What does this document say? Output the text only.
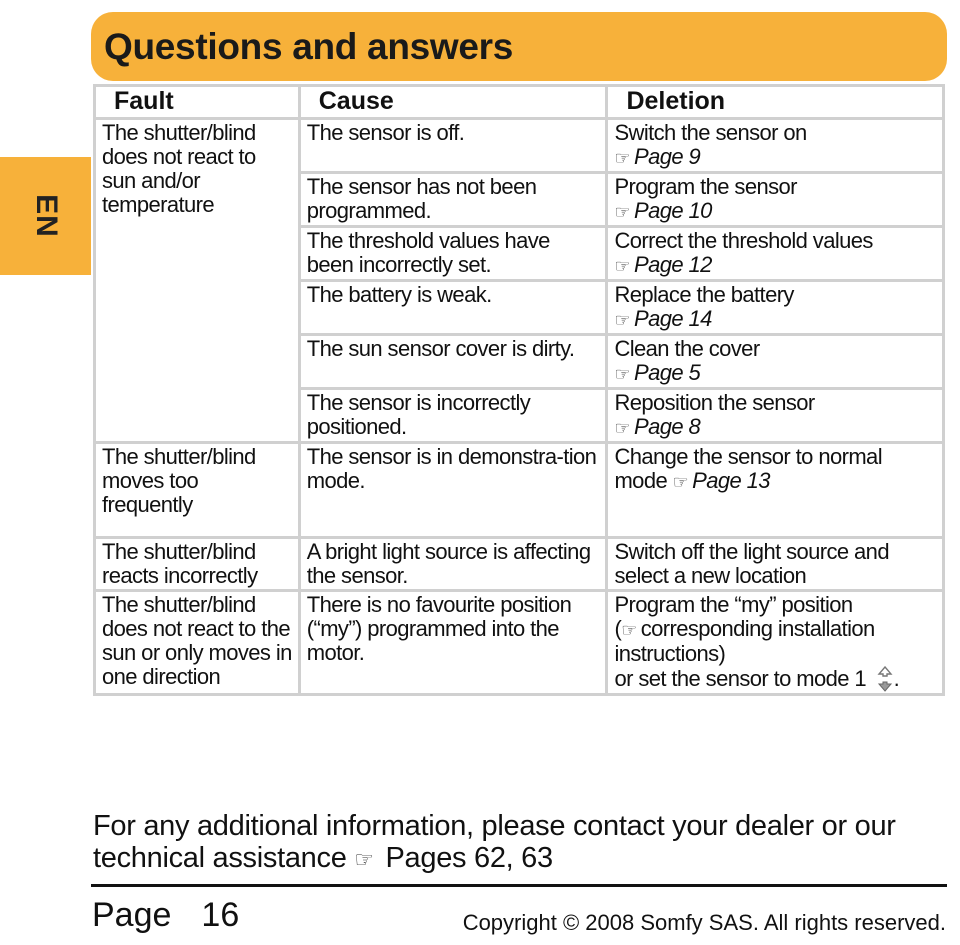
EN
Questions and answers
Fault	Cause	Deletion
The shutter/blind does not react to sun and/or temperature	The sensor is off.	Switch the sensor on
☞ Page 9

	The sensor has not been programmed.	Program the sensor
☞ Page 10

	The threshold values have been incorrectly set.	Correct the threshold values
☞ Page 12

	The battery is weak.	Replace the battery
☞ Page 14

	The sun sensor cover is dirty.	Clean the cover
☞ Page 5

	The sensor is incorrectly positioned.	Reposition the sensor
☞ Page 8

The shutter/blind moves too frequently	The sensor is in demonstra-tion mode.	Change the sensor to normal mode ☞ Page 13
The shutter/blind reacts incorrectly	A bright light source is affecting the sensor.	Switch off the light source and select a new location
The shutter/blind does not react to the sun or only moves in one direction	There is no favourite position (“my”) programmed into the motor.	Program the “my” position
(☞ corresponding installation instructions)
or set the sensor to mode 1 .
For any additional information, please contact your dealer or our
technical assistance ☞ Pages 62, 63
Page 16	Copyright © 2008 Somfy SAS. All rights reserved.
